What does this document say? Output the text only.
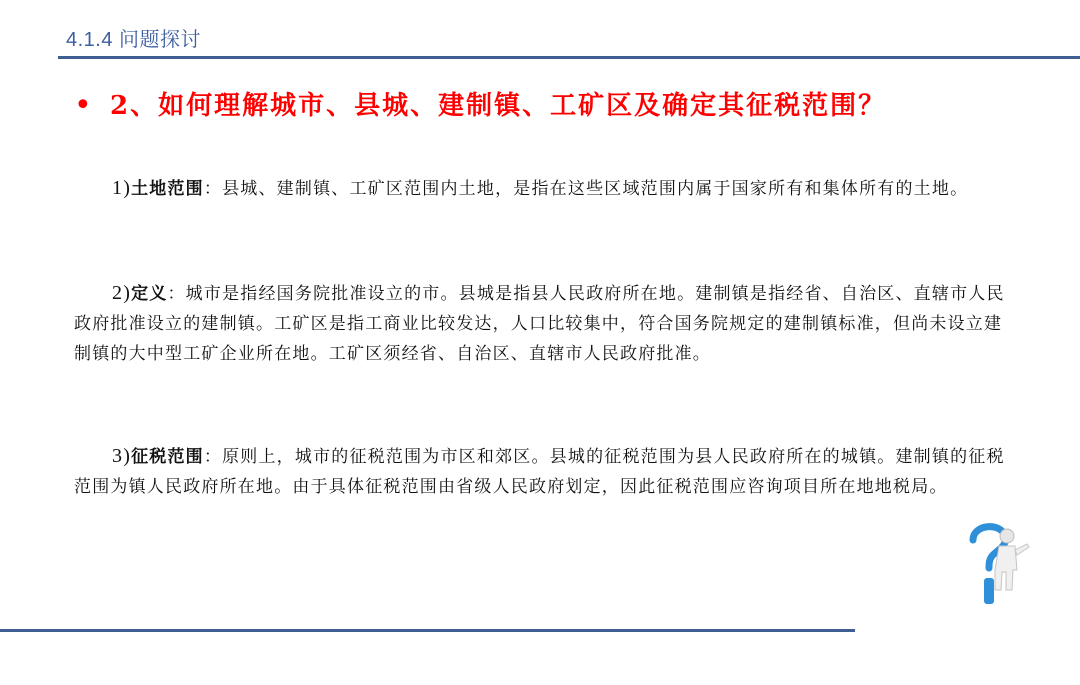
4.1.4 问题探讨
• 2、如何理解城市、县城、建制镇、工矿区及确定其征税范围？
1)土地范围：县城、建制镇、工矿区范围内土地，是指在这些区域范围内属于国家所有和集体所有的土地。
2)定义：城市是指经国务院批准设立的市。县城是指县人民政府所在地。建制镇是指经省、自治区、直辖市人民政府批准设立的建制镇。工矿区是指工商业比较发达，人口比较集中，符合国务院规定的建制镇标准，但尚未设立建制镇的大中型工矿企业所在地。工矿区须经省、自治区、直辖市人民政府批准。
3)征税范围：原则上，城市的征税范围为市区和郊区。县城的征税范围为县人民政府所在的城镇。建制镇的征税范围为镇人民政府所在地。由于具体征税范围由省级人民政府划定，因此征税范围应咨询项目所在地地税局。
